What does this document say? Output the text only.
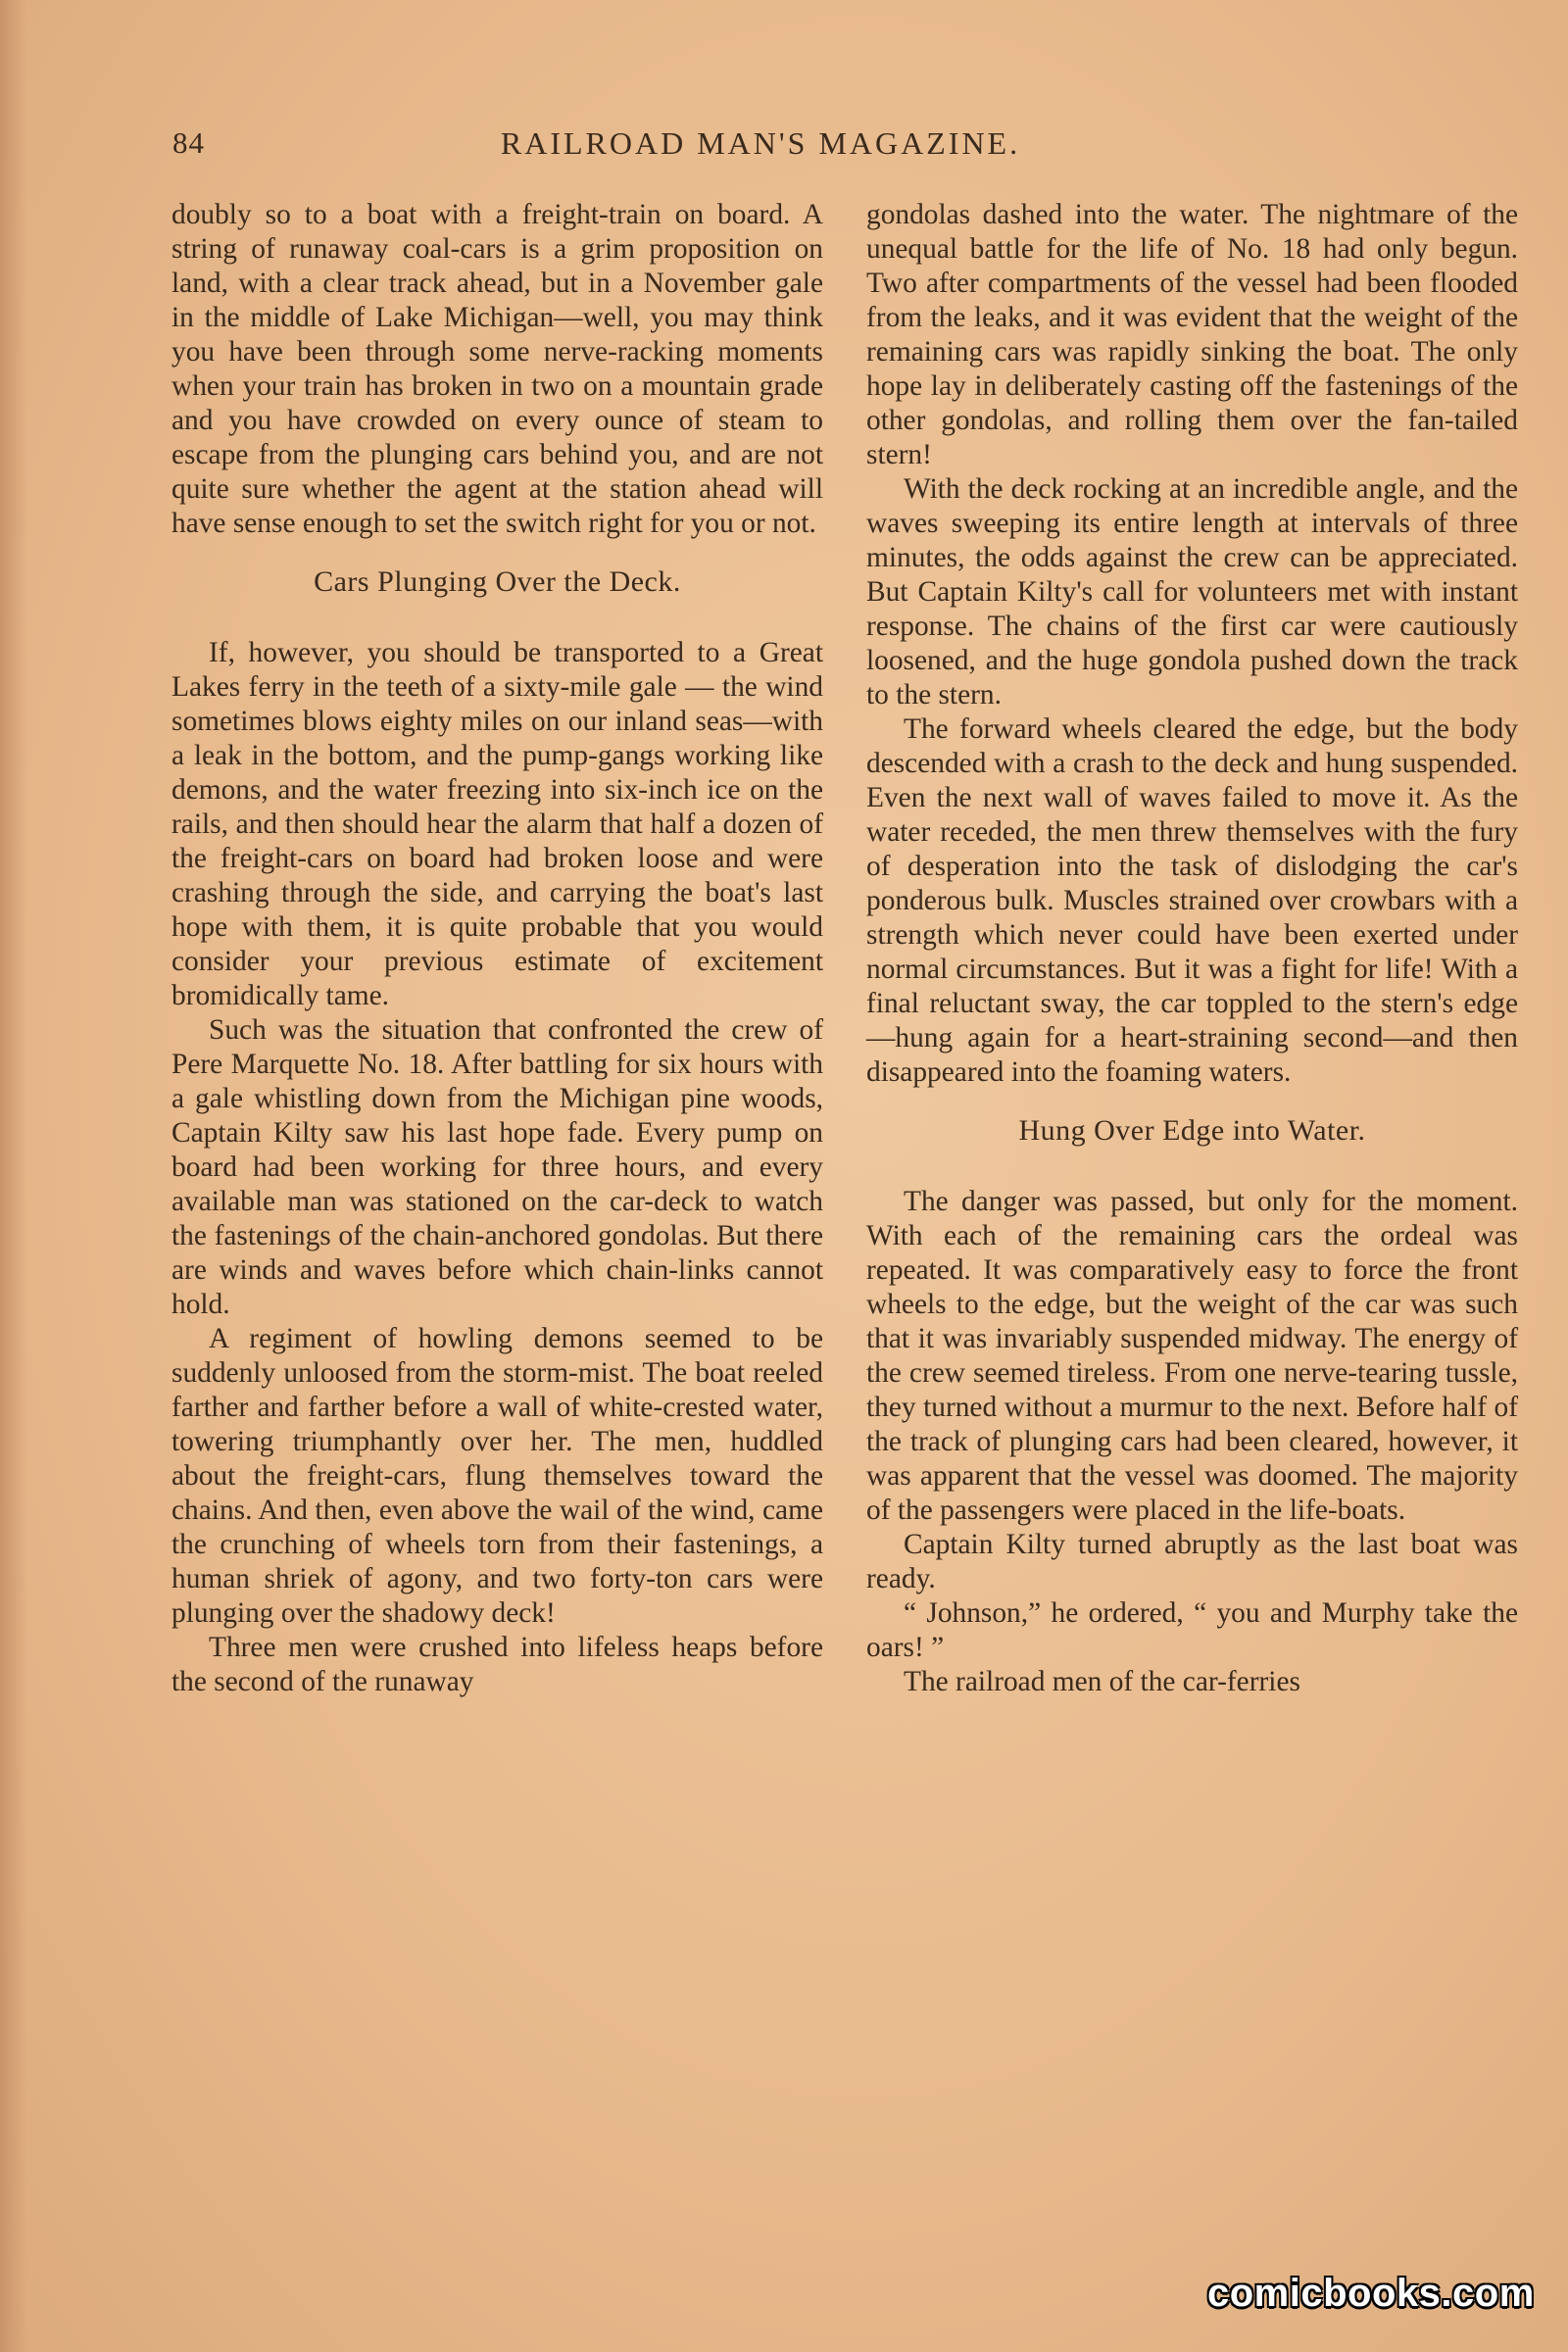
84	RAILROAD MAN'S MAGAZINE.

doubly so to a boat with a freight-train on board. A string of runaway coal-cars is a grim proposition on land, with a clear track ahead, but in a November gale in the middle of Lake Michigan—well, you may think you have been through some nerve-racking moments when your train has broken in two on a mountain grade and you have crowded on every ounce of steam to escape from the plunging cars behind you, and are not quite sure whether the agent at the station ahead will have sense enough to set the switch right for you or not.

Cars Plunging Over the Deck.

If, however, you should be transported to a Great Lakes ferry in the teeth of a sixty-mile gale — the wind sometimes blows eighty miles on our inland seas—with a leak in the bottom, and the pump-gangs working like demons, and the water freezing into six-inch ice on the rails, and then should hear the alarm that half a dozen of the freight-cars on board had broken loose and were crashing through the side, and carrying the boat's last hope with them, it is quite probable that you would consider your previous estimate of excitement bromidically tame.

Such was the situation that confronted the crew of Pere Marquette No. 18. After battling for six hours with a gale whistling down from the Michigan pine woods, Captain Kilty saw his last hope fade. Every pump on board had been working for three hours, and every available man was stationed on the car-deck to watch the fastenings of the chain-anchored gondolas. But there are winds and waves before which chain-links cannot hold.

A regiment of howling demons seemed to be suddenly unloosed from the storm-mist. The boat reeled farther and farther before a wall of white-crested water, towering triumphantly over her. The men, huddled about the freight-cars, flung themselves toward the chains. And then, even above the wail of the wind, came the crunching of wheels torn from their fastenings, a human shriek of agony, and two forty-ton cars were plunging over the shadowy deck!

Three men were crushed into lifeless heaps before the second of the runaway

gondolas dashed into the water. The nightmare of the unequal battle for the life of No. 18 had only begun. Two after compartments of the vessel had been flooded from the leaks, and it was evident that the weight of the remaining cars was rapidly sinking the boat. The only hope lay in deliberately casting off the fastenings of the other gondolas, and rolling them over the fan-tailed stern!

With the deck rocking at an incredible angle, and the waves sweeping its entire length at intervals of three minutes, the odds against the crew can be appreciated. But Captain Kilty's call for volunteers met with instant response. The chains of the first car were cautiously loosened, and the huge gondola pushed down the track to the stern.

The forward wheels cleared the edge, but the body descended with a crash to the deck and hung suspended. Even the next wall of waves failed to move it. As the water receded, the men threw themselves with the fury of desperation into the task of dislodging the car's ponderous bulk. Muscles strained over crowbars with a strength which never could have been exerted under normal circumstances. But it was a fight for life! With a final reluctant sway, the car toppled to the stern's edge—hung again for a heart-straining second—and then disappeared into the foaming waters.

Hung Over Edge into Water.

The danger was passed, but only for the moment. With each of the remaining cars the ordeal was repeated. It was comparatively easy to force the front wheels to the edge, but the weight of the car was such that it was invariably suspended midway. The energy of the crew seemed tireless. From one nerve-tearing tussle, they turned without a murmur to the next. Before half of the track of plunging cars had been cleared, however, it was apparent that the vessel was doomed. The majority of the passengers were placed in the life-boats.

Captain Kilty turned abruptly as the last boat was ready.

“ Johnson,” he ordered, “ you and Murphy take the oars! ”

The railroad men of the car-ferries

comicbooks.com
